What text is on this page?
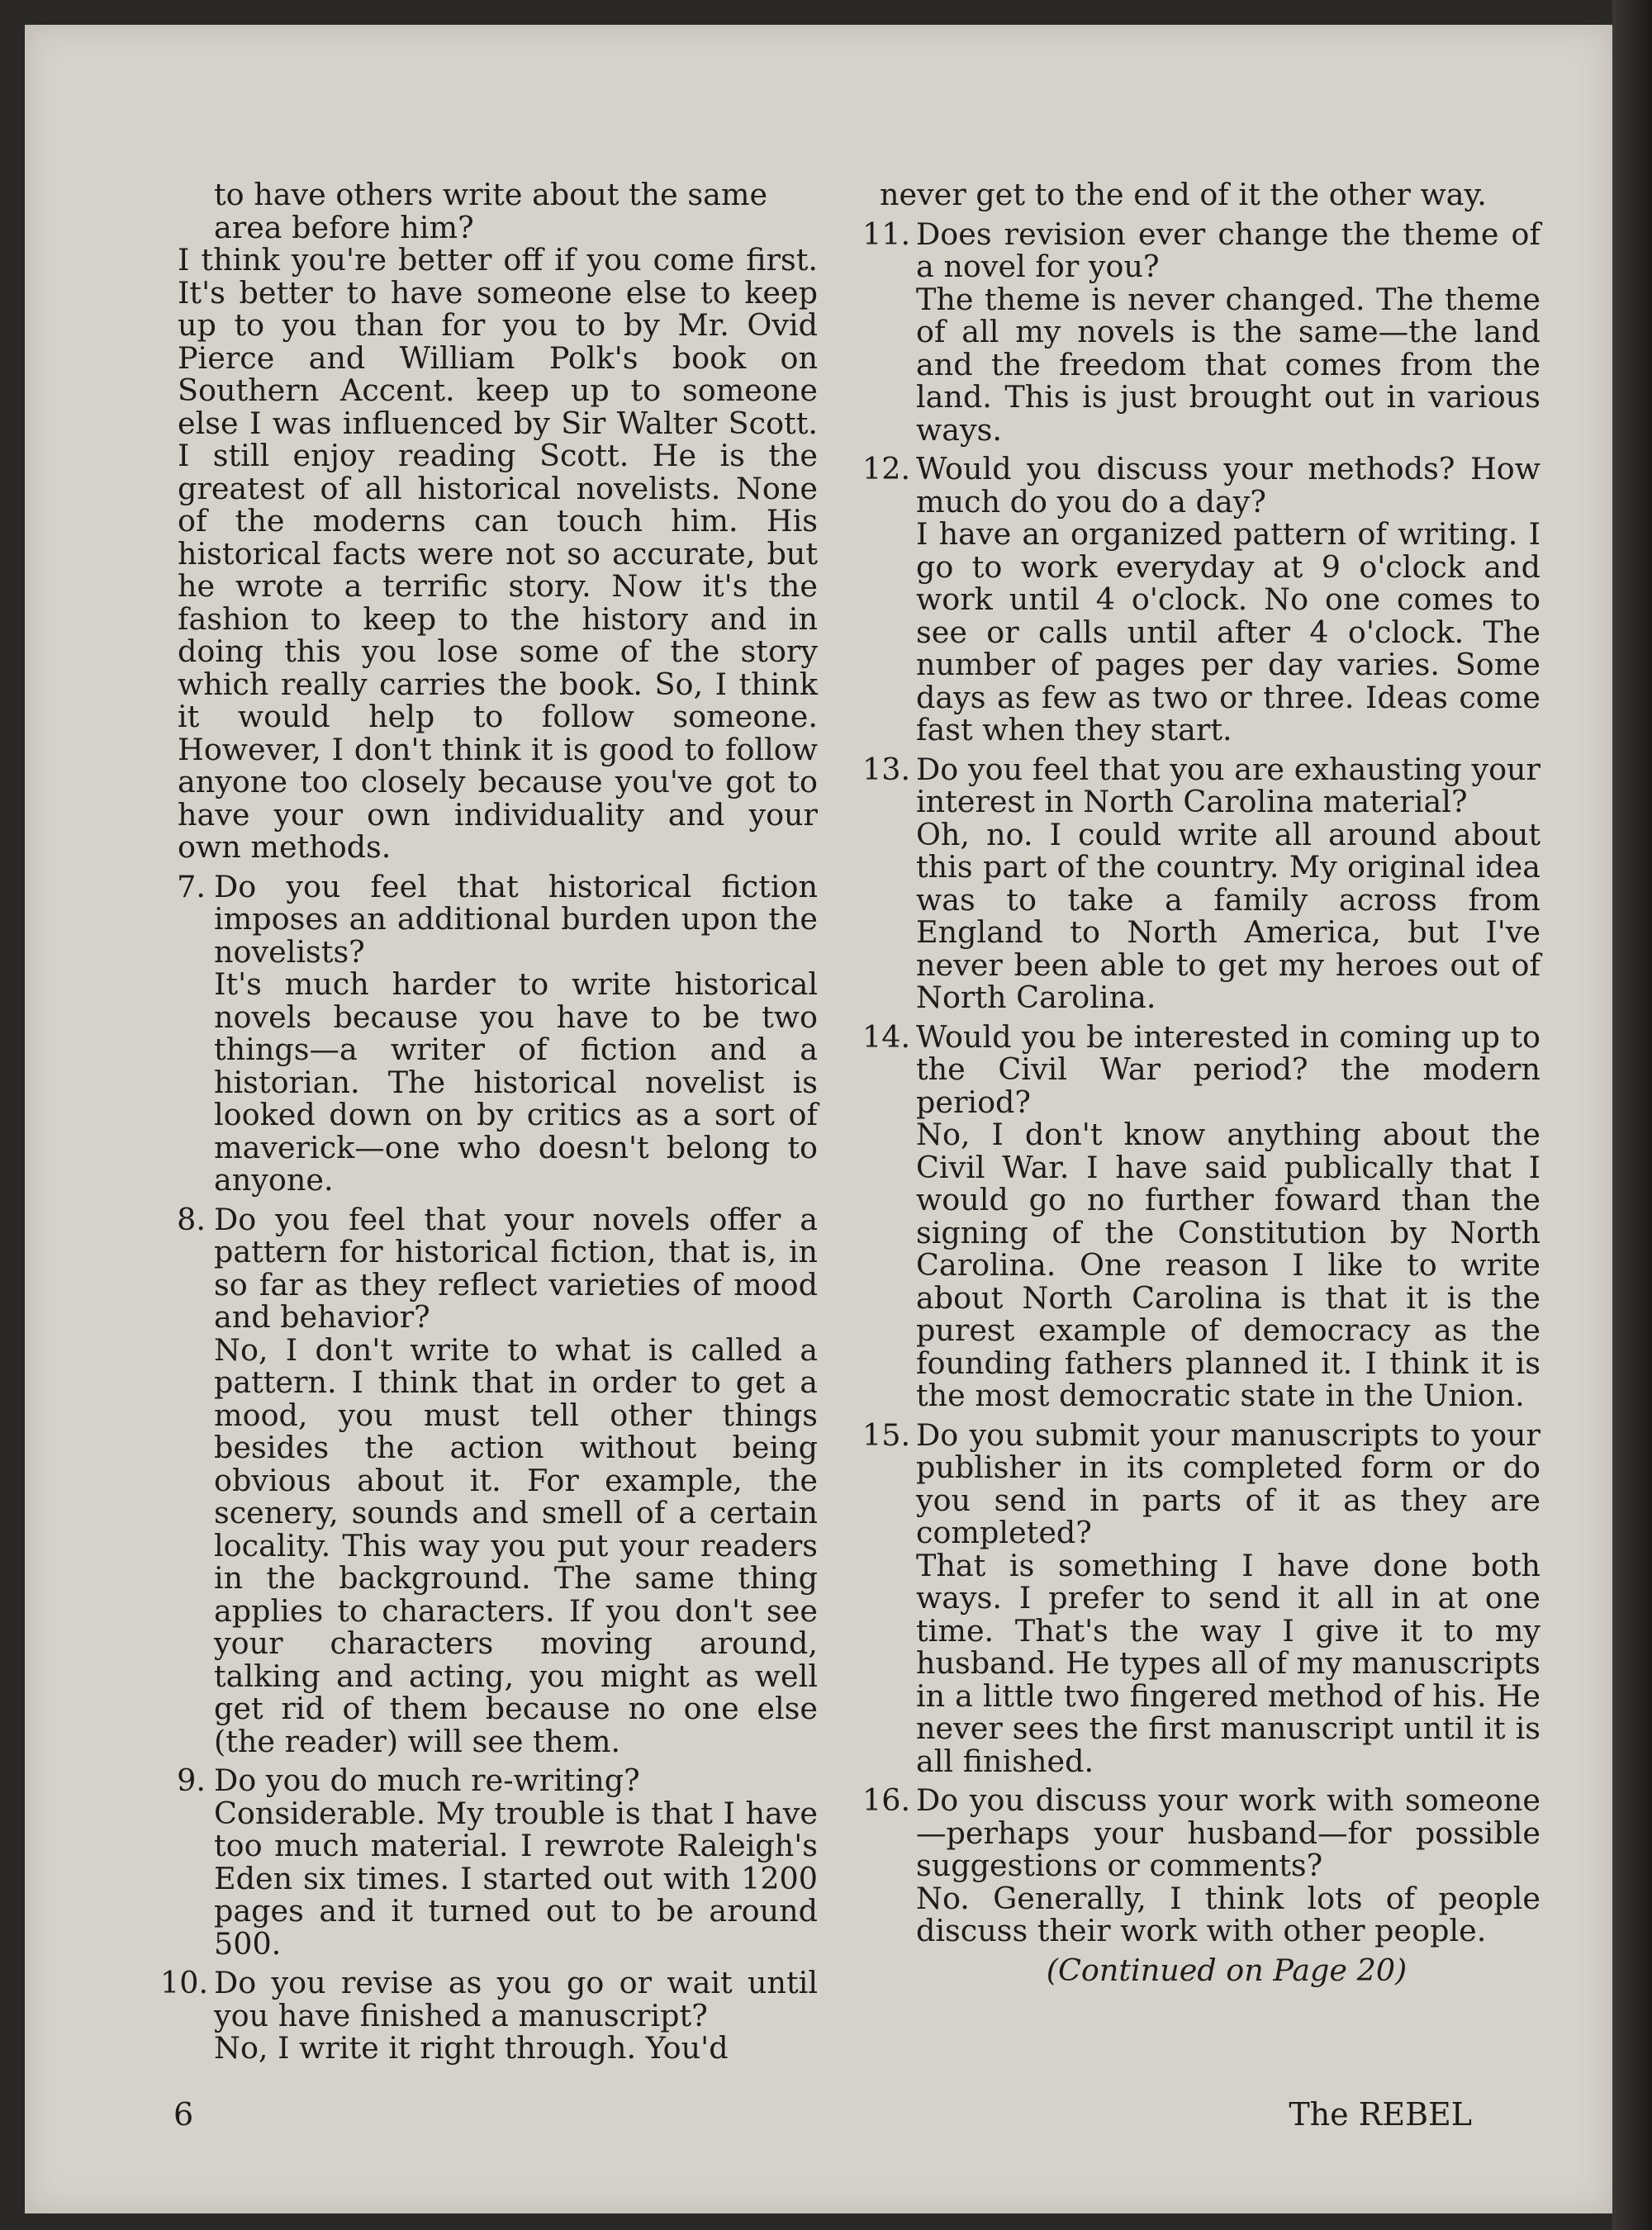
to have others write about the same
area before him?
I think you're better off if you come first. It's better to have someone else to keep up to you than for you to by Mr. Ovid Pierce and William Polk's book on Southern Accent. keep up to someone else I was influenced by Sir Walter Scott. I still enjoy reading Scott. He is the greatest of all historical novelists. None of the moderns can touch him. His historical facts were not so accurate, but he wrote a terrific story. Now it's the fashion to keep to the history and in doing this you lose some of the story which really carries the book. So, I think it would help to follow someone. However, I don't think it is good to follow anyone too closely because you've got to have your own individuality and your own methods.
7. Do you feel that historical fiction imposes an additional burden upon the novelists?
It's much harder to write historical novels because you have to be two things—a writer of fiction and a historian. The historical novelist is looked down on by critics as a sort of maverick—one who doesn't belong to anyone.
8. Do you feel that your novels offer a pattern for historical fiction, that is, in so far as they reflect varieties of mood and behavior?
No, I don't write to what is called a pattern. I think that in order to get a mood, you must tell other things besides the action without being obvious about it. For example, the scenery, sounds and smell of a certain locality. This way you put your readers in the background. The same thing applies to characters. If you don't see your characters moving around, talking and acting, you might as well get rid of them because no one else (the reader) will see them.
9. Do you do much re-writing?
Considerable. My trouble is that I have too much material. I rewrote Raleigh's Eden six times. I started out with 1200 pages and it turned out to be around 500.
10. Do you revise as you go or wait until you have finished a manuscript?
No, I write it right through. You'd
never get to the end of it the other way.
11. Does revision ever change the theme of a novel for you?
The theme is never changed. The theme of all my novels is the same—the land and the freedom that comes from the land. This is just brought out in various ways.
12. Would you discuss your methods? How much do you do a day?
I have an organized pattern of writing. I go to work everyday at 9 o'clock and work until 4 o'clock. No one comes to see or calls until after 4 o'clock. The number of pages per day varies. Some days as few as two or three. Ideas come fast when they start.
13. Do you feel that you are exhausting your interest in North Carolina material?
Oh, no. I could write all around about this part of the country. My original idea was to take a family across from England to North America, but I've never been able to get my heroes out of North Carolina.
14. Would you be interested in coming up to the Civil War period? the modern period?
No, I don't know anything about the Civil War. I have said publically that I would go no further foward than the signing of the Constitution by North Carolina. One reason I like to write about North Carolina is that it is the purest example of democracy as the founding fathers planned it. I think it is the most democratic state in the Union.
15. Do you submit your manuscripts to your publisher in its completed form or do you send in parts of it as they are completed?
That is something I have done both ways. I prefer to send it all in at one time. That's the way I give it to my husband. He types all of my manuscripts in a little two fingered method of his. He never sees the first manuscript until it is all finished.
16. Do you discuss your work with someone—perhaps your husband—for possible suggestions or comments?
No. Generally, I think lots of people discuss their work with other people.
(Continued on Page 20)
6	The REBEL
